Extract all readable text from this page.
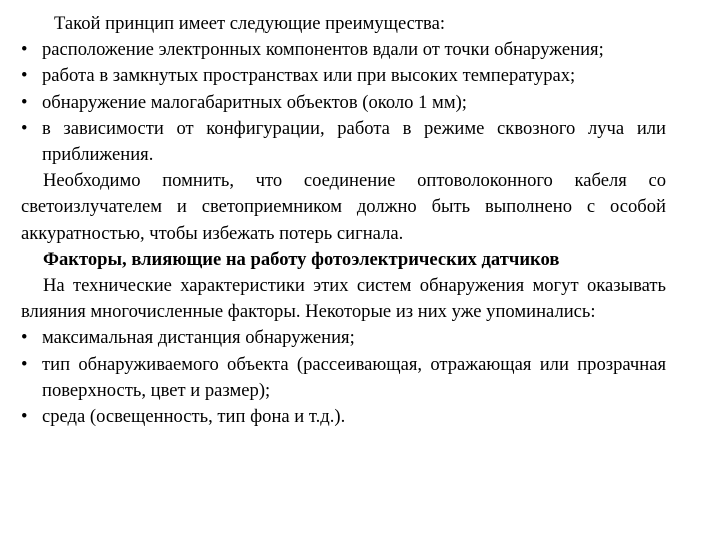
Такой принцип имеет следующие преимущества:

• расположение электронных компонентов вдали от точки обнаружения;
• работа в замкнутых пространствах или при высоких температурах;
• обнаружение малогабаритных объектов (около 1 мм);
• в зависимости от конфигурации, работа в режиме сквозного луча или приближения.

Необходимо помнить, что соединение оптоволоконного кабеля со светоизлучателем и светоприемником должно быть выполнено с особой аккуратностью, чтобы избежать потерь сигнала.

Факторы, влияющие на работу фотоэлектрических датчиков

На технические характеристики этих систем обнаружения могут оказывать влияния многочисленные факторы. Некоторые из них уже упоминались:

• максимальная дистанция обнаружения;
• тип обнаруживаемого объекта (рассеивающая, отражающая или прозрачная поверхность, цвет и размер);
• среда (освещенность, тип фона и т.д.).
